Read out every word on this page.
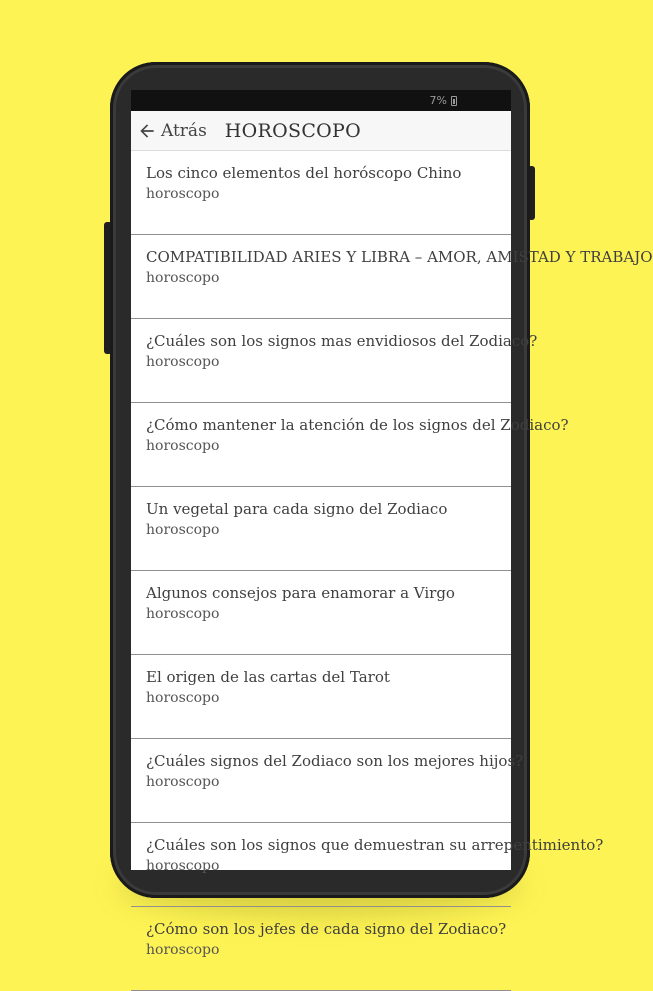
7%
Atrás HOROSCOPO
Los cinco elementos del horóscopo Chino
horoscopo
COMPATIBILIDAD ARIES Y LIBRA – AMOR, AMISTAD Y TRABAJO
horoscopo
¿Cuáles son los signos mas envidiosos del Zodiaco?
horoscopo
¿Cómo mantener la atención de los signos del Zodiaco?
horoscopo
Un vegetal para cada signo del Zodiaco
horoscopo
Algunos consejos para enamorar a Virgo
horoscopo
El origen de las cartas del Tarot
horoscopo
¿Cuáles signos del Zodiaco son los mejores hijos?
horoscopo
¿Cuáles son los signos que demuestran su arrepentimiento?
horoscopo
¿Cómo son los jefes de cada signo del Zodiaco?
horoscopo
